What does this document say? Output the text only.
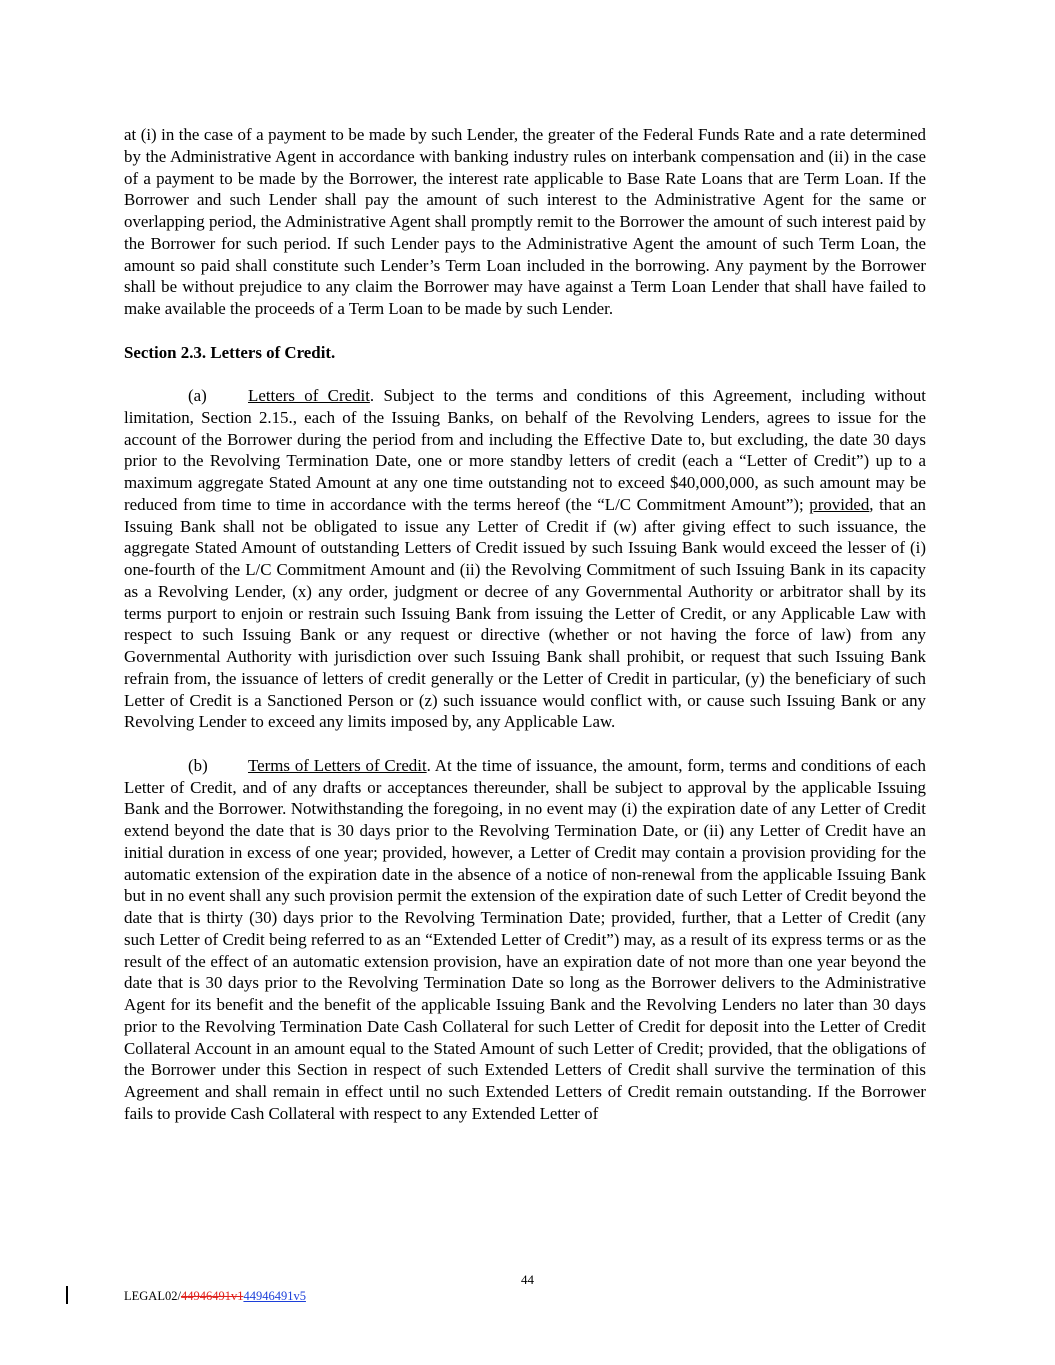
at (i) in the case of a payment to be made by such Lender, the greater of the Federal Funds Rate and a rate determined by the Administrative Agent in accordance with banking industry rules on interbank compensation and (ii) in the case of a payment to be made by the Borrower, the interest rate applicable to Base Rate Loans that are Term Loan. If the Borrower and such Lender shall pay the amount of such interest to the Administrative Agent for the same or overlapping period, the Administrative Agent shall promptly remit to the Borrower the amount of such interest paid by the Borrower for such period. If such Lender pays to the Administrative Agent the amount of such Term Loan, the amount so paid shall constitute such Lender’s Term Loan included in the borrowing. Any payment by the Borrower shall be without prejudice to any claim the Borrower may have against a Term Loan Lender that shall have failed to make available the proceeds of a Term Loan to be made by such Lender.

Section 2.3. Letters of Credit.

(a) Letters of Credit. Subject to the terms and conditions of this Agreement, including without limitation, Section 2.15., each of the Issuing Banks, on behalf of the Revolving Lenders, agrees to issue for the account of the Borrower during the period from and including the Effective Date to, but excluding, the date 30 days prior to the Revolving Termination Date, one or more standby letters of credit (each a “Letter of Credit”) up to a maximum aggregate Stated Amount at any one time outstanding not to exceed $40,000,000, as such amount may be reduced from time to time in accordance with the terms hereof (the “L/C Commitment Amount”); provided, that an Issuing Bank shall not be obligated to issue any Letter of Credit if (w) after giving effect to such issuance, the aggregate Stated Amount of outstanding Letters of Credit issued by such Issuing Bank would exceed the lesser of (i) one-fourth of the L/C Commitment Amount and (ii) the Revolving Commitment of such Issuing Bank in its capacity as a Revolving Lender, (x) any order, judgment or decree of any Governmental Authority or arbitrator shall by its terms purport to enjoin or restrain such Issuing Bank from issuing the Letter of Credit, or any Applicable Law with respect to such Issuing Bank or any request or directive (whether or not having the force of law) from any Governmental Authority with jurisdiction over such Issuing Bank shall prohibit, or request that such Issuing Bank refrain from, the issuance of letters of credit generally or the Letter of Credit in particular, (y) the beneficiary of such Letter of Credit is a Sanctioned Person or (z) such issuance would conflict with, or cause such Issuing Bank or any Revolving Lender to exceed any limits imposed by, any Applicable Law.

(b) Terms of Letters of Credit. At the time of issuance, the amount, form, terms and conditions of each Letter of Credit, and of any drafts or acceptances thereunder, shall be subject to approval by the applicable Issuing Bank and the Borrower. Notwithstanding the foregoing, in no event may (i) the expiration date of any Letter of Credit extend beyond the date that is 30 days prior to the Revolving Termination Date, or (ii) any Letter of Credit have an initial duration in excess of one year; provided, however, a Letter of Credit may contain a provision providing for the automatic extension of the expiration date in the absence of a notice of non-renewal from the applicable Issuing Bank but in no event shall any such provision permit the extension of the expiration date of such Letter of Credit beyond the date that is thirty (30) days prior to the Revolving Termination Date; provided, further, that a Letter of Credit (any such Letter of Credit being referred to as an “Extended Letter of Credit”) may, as a result of its express terms or as the result of the effect of an automatic extension provision, have an expiration date of not more than one year beyond the date that is 30 days prior to the Revolving Termination Date so long as the Borrower delivers to the Administrative Agent for its benefit and the benefit of the applicable Issuing Bank and the Revolving Lenders no later than 30 days prior to the Revolving Termination Date Cash Collateral for such Letter of Credit for deposit into the Letter of Credit Collateral Account in an amount equal to the Stated Amount of such Letter of Credit; provided, that the obligations of the Borrower under this Section in respect of such Extended Letters of Credit shall survive the termination of this Agreement and shall remain in effect until no such Extended Letters of Credit remain outstanding. If the Borrower fails to provide Cash Collateral with respect to any Extended Letter of

44
LEGAL02/44946491v144946491v5
